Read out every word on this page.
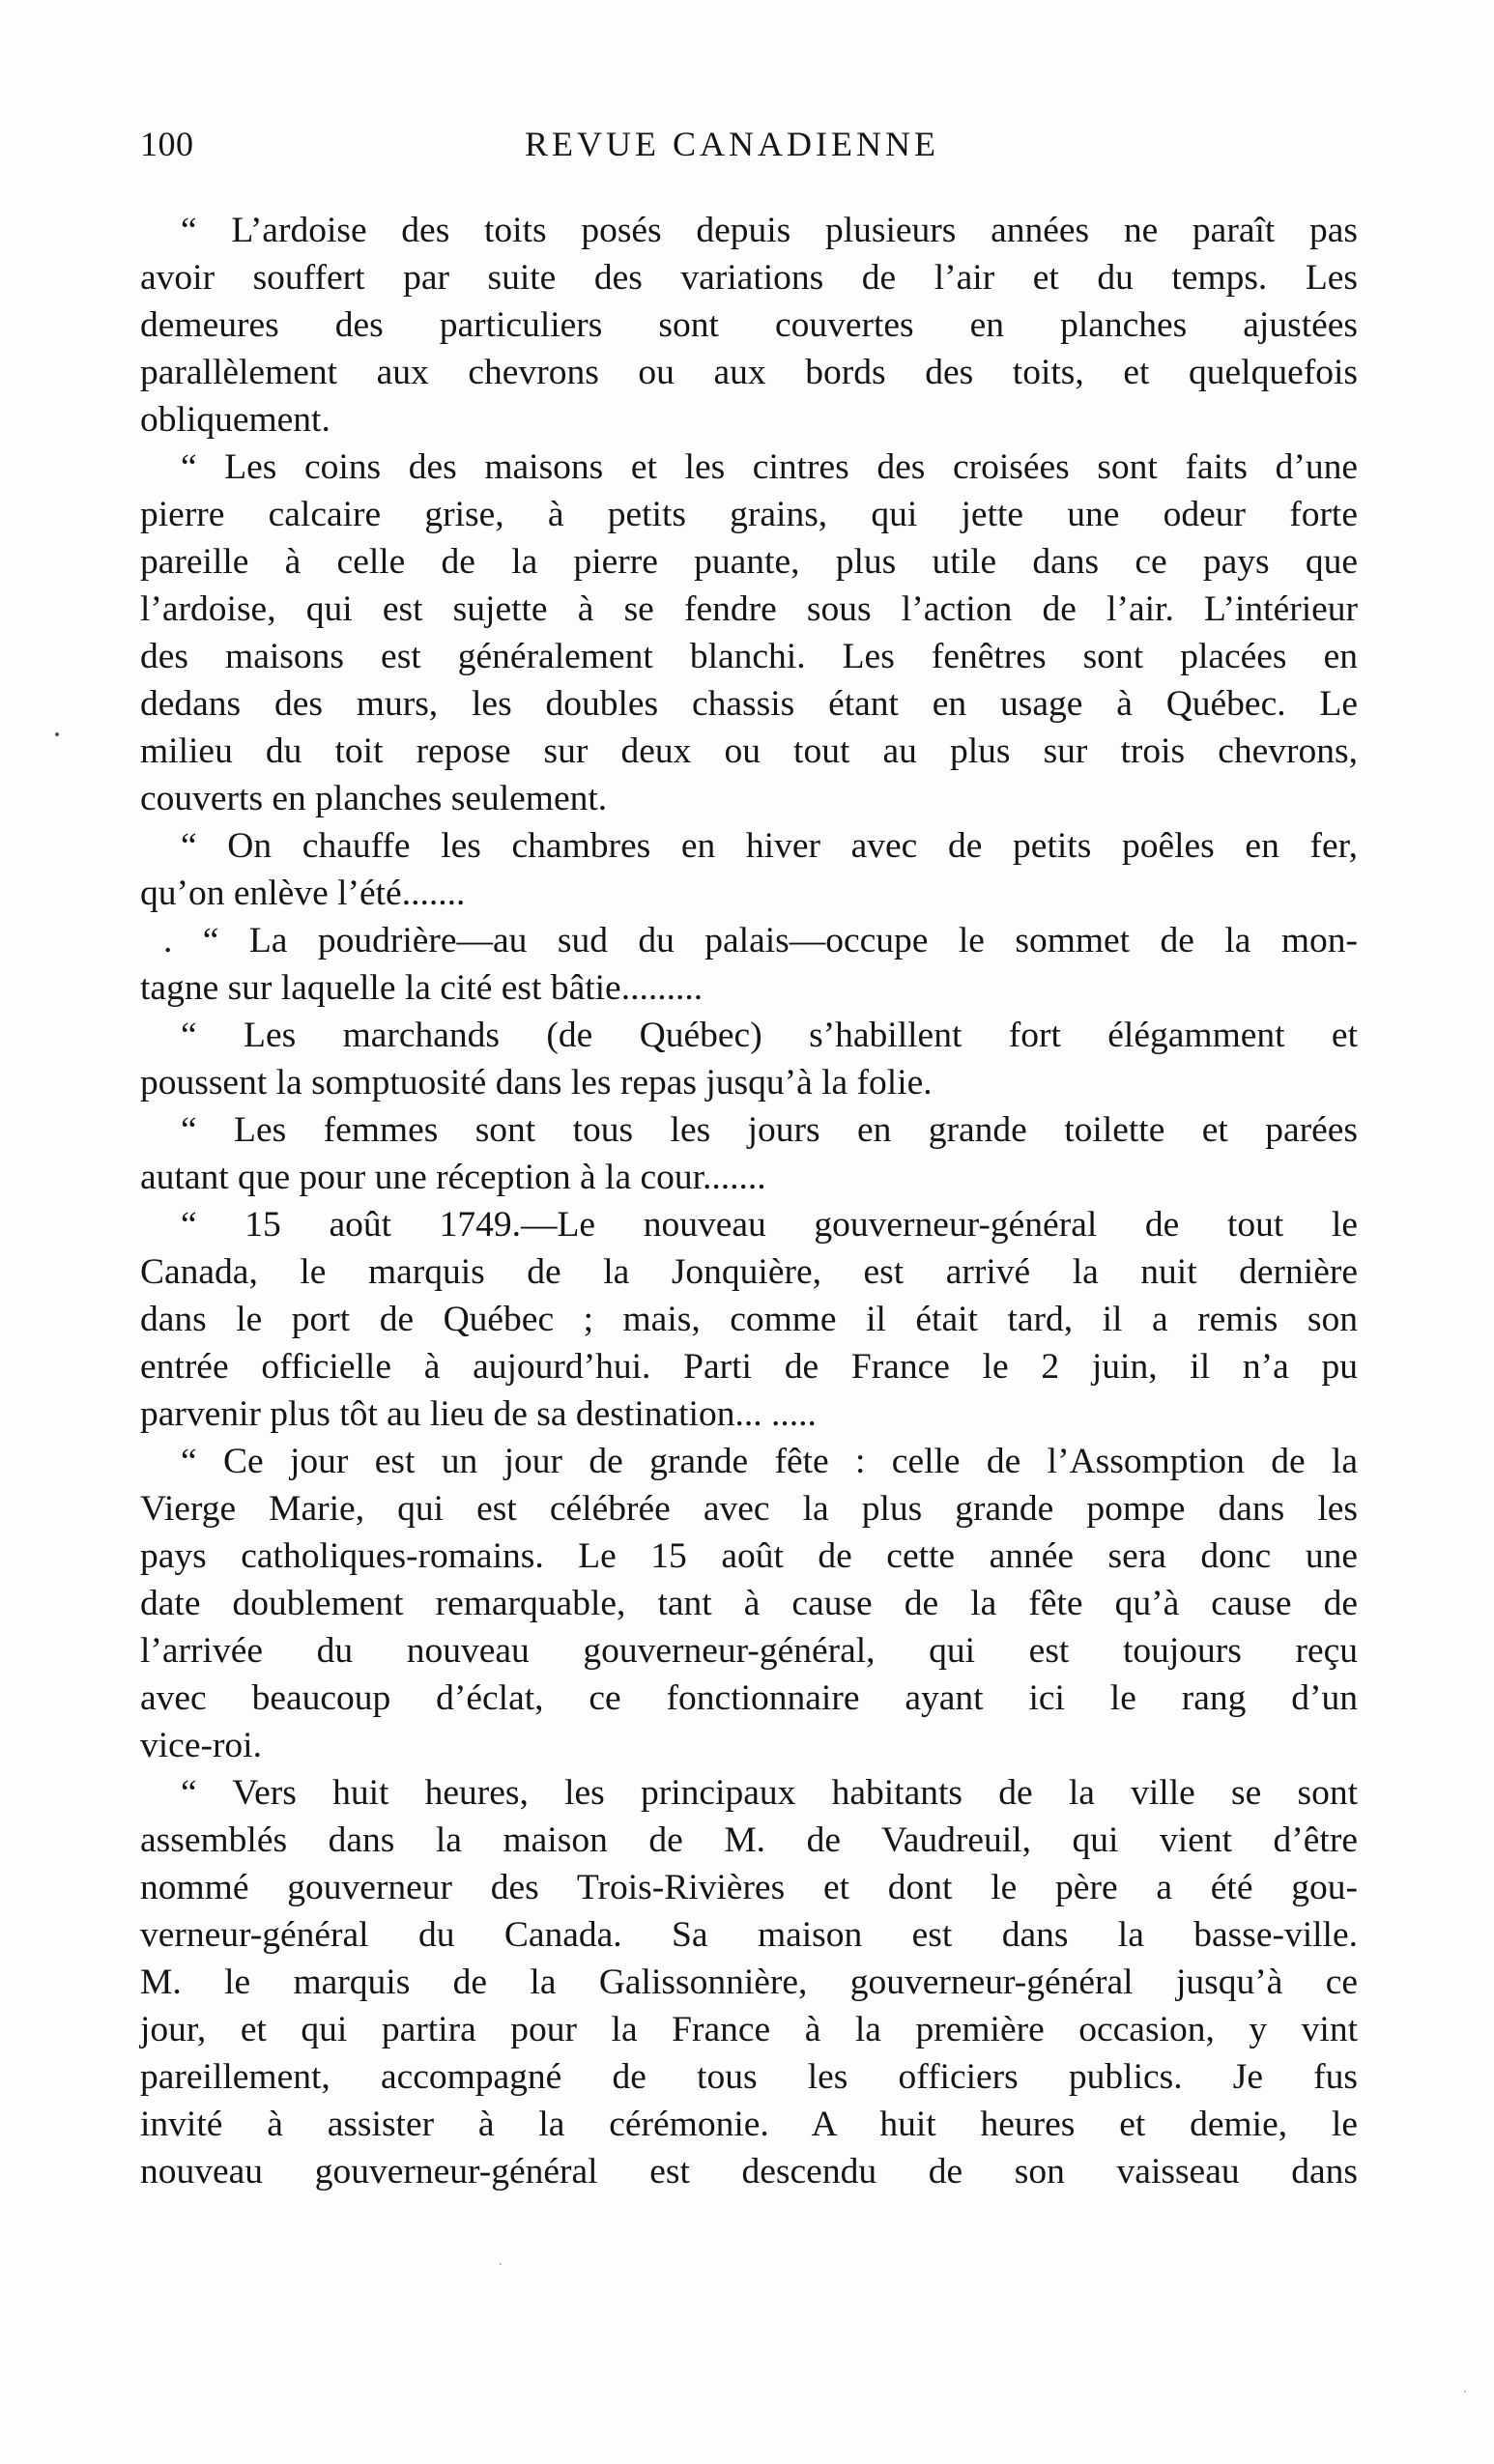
100	REVUE CANADIENNE
“ L’ardoise des toits posés depuis plusieurs années ne paraît pas
avoir souffert par suite des variations de l’air et du temps. Les
demeures des particuliers sont couvertes en planches ajustées
parallèlement aux chevrons ou aux bords des toits, et quelquefois
obliquement.
“ Les coins des maisons et les cintres des croisées sont faits d’une
pierre calcaire grise, à petits grains, qui jette une odeur forte
pareille à celle de la pierre puante, plus utile dans ce pays que
l’ardoise, qui est sujette à se fendre sous l’action de l’air. L’intérieur
des maisons est généralement blanchi. Les fenêtres sont placées en
dedans des murs, les doubles chassis étant en usage à Québec. Le
milieu du toit repose sur deux ou tout au plus sur trois chevrons,
couverts en planches seulement.
“ On chauffe les chambres en hiver avec de petits poêles en fer,
qu’on enlève l’été.......
. “ La poudrière—au sud du palais—occupe le sommet de la mon-
tagne sur laquelle la cité est bâtie.........
“ Les marchands (de Québec) s’habillent fort élégamment et
poussent la somptuosité dans les repas jusqu’à la folie.
“ Les femmes sont tous les jours en grande toilette et parées
autant que pour une réception à la cour.......
“ 15 août 1749.—Le nouveau gouverneur-général de tout le
Canada, le marquis de la Jonquière, est arrivé la nuit dernière
dans le port de Québec ; mais, comme il était tard, il a remis son
entrée officielle à aujourd’hui. Parti de France le 2 juin, il n’a pu
parvenir plus tôt au lieu de sa destination... .....
“ Ce jour est un jour de grande fête : celle de l’Assomption de la
Vierge Marie, qui est célébrée avec la plus grande pompe dans les
pays catholiques-romains. Le 15 août de cette année sera donc une
date doublement remarquable, tant à cause de la fête qu’à cause de
l’arrivée du nouveau gouverneur-général, qui est toujours reçu
avec beaucoup d’éclat, ce fonctionnaire ayant ici le rang d’un
vice-roi.
“ Vers huit heures, les principaux habitants de la ville se sont
assemblés dans la maison de M. de Vaudreuil, qui vient d’être
nommé gouverneur des Trois-Rivières et dont le père a été gou-
verneur-général du Canada. Sa maison est dans la basse-ville.
M. le marquis de la Galissonnière, gouverneur-général jusqu’à ce
jour, et qui partira pour la France à la première occasion, y vint
pareillement, accompagné de tous les officiers publics. Je fus
invité à assister à la cérémonie. A huit heures et demie, le
nouveau gouverneur-général est descendu de son vaisseau dans
